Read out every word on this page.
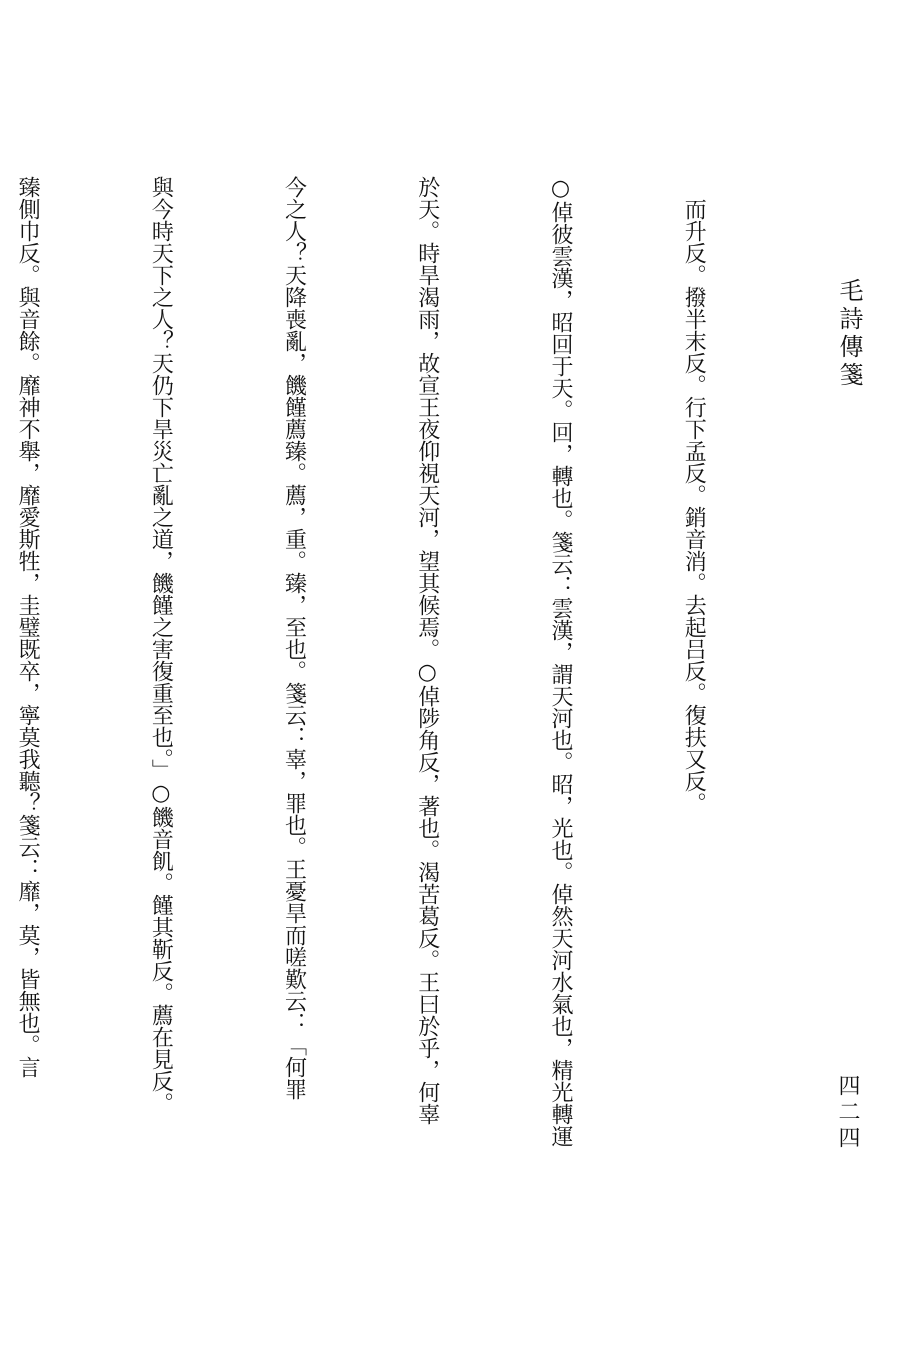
毛詩傳箋
四二四

　而升反。撥半末反。行下孟反。銷音消。去起吕反。復扶又反。

○倬彼雲漢，昭回于天。回，轉也。箋云：雲漢，謂天河也。昭，光也。倬然天河水氣也，精光轉運

於天。時旱渴雨，故宣王夜仰視天河，望其候焉。○倬陟角反，著也。渴苦葛反。王曰於乎，何辜

今之人？天降喪亂，饑饉薦臻。薦，重。臻，至也。箋云：辜，罪也。王憂旱而嗟歎云：「何罪

與今時天下之人？天仍下旱災亡亂之道，饑饉之害復重至也。」○饑音飢。饉其靳反。薦在見反。

臻側巾反。與音餘。靡神不舉，靡愛斯牲，圭璧既卒，寧莫我聽？箋云：靡，莫，皆無也。言
